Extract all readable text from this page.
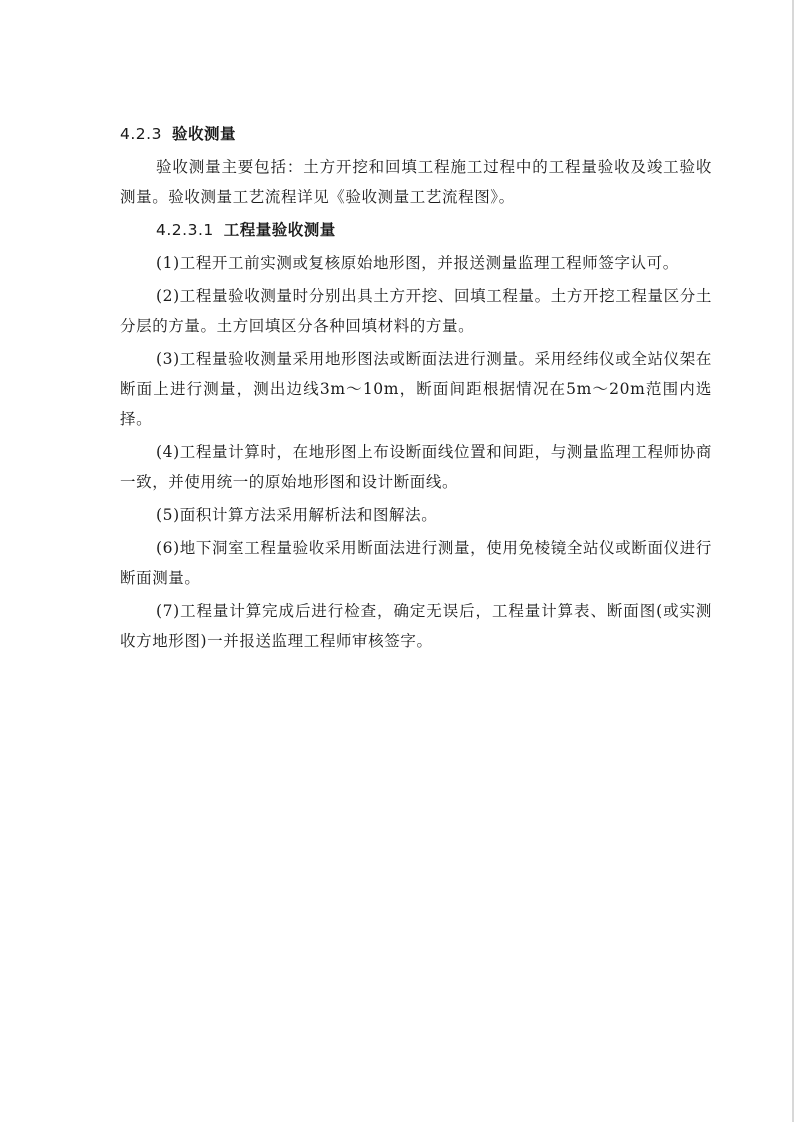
4.2.3 验收测量

验收测量主要包括：土方开挖和回填工程施工过程中的工程量验收及竣工验收测量。验收测量工艺流程详见《验收测量工艺流程图》。

4.2.3.1 工程量验收测量

(1)工程开工前实测或复核原始地形图，并报送测量监理工程师签字认可。

(2)工程量验收测量时分别出具土方开挖、回填工程量。土方开挖工程量区分土分层的方量。土方回填区分各种回填材料的方量。

(3)工程量验收测量采用地形图法或断面法进行测量。采用经纬仪或全站仪架在断面上进行测量，测出边线3m～10m，断面间距根据情况在5m～20m范围内选择。

(4)工程量计算时，在地形图上布设断面线位置和间距，与测量监理工程师协商一致，并使用统一的原始地形图和设计断面线。

(5)面积计算方法采用解析法和图解法。

(6)地下洞室工程量验收采用断面法进行测量，使用免棱镜全站仪或断面仪进行断面测量。

(7)工程量计算完成后进行检查，确定无误后，工程量计算表、断面图(或实测收方地形图)一并报送监理工程师审核签字。
